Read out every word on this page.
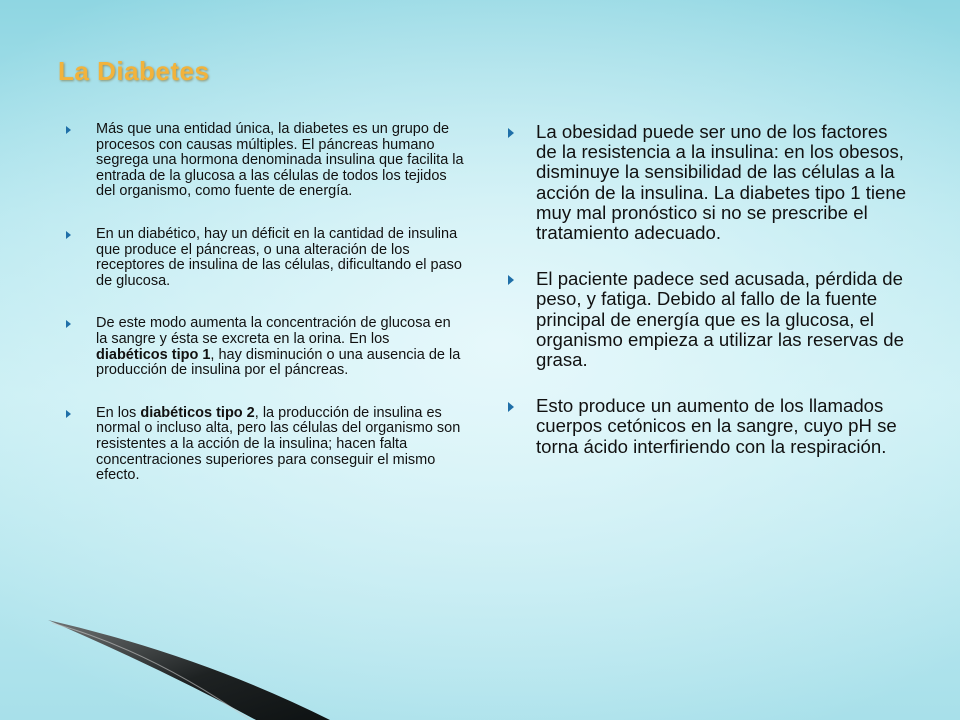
La Diabetes
Más que una entidad única, la diabetes es un grupo de procesos con causas múltiples. El páncreas humano segrega una hormona denominada insulina que facilita la entrada de la glucosa a las células de todos los tejidos del organismo, como fuente de energía.
En un diabético, hay un déficit en la cantidad de insulina que produce el páncreas, o una alteración de los receptores de insulina de las células, dificultando el paso de glucosa.
De este modo aumenta la concentración de glucosa en la sangre y ésta se excreta en la orina. En los diabéticos tipo 1, hay disminución o una ausencia de la producción de insulina por el páncreas.
En los diabéticos tipo 2, la producción de insulina es normal o incluso alta, pero las células del organismo son resistentes a la acción de la insulina; hacen falta concentraciones superiores para conseguir el mismo efecto.
La obesidad puede ser uno de los factores de la resistencia a la insulina: en los obesos, disminuye la sensibilidad de las células a la acción de la insulina. La diabetes tipo 1 tiene muy mal pronóstico si no se prescribe el tratamiento adecuado.
El paciente padece sed acusada, pérdida de peso, y fatiga. Debido al fallo de la fuente principal de energía que es la glucosa, el organismo empieza a utilizar las reservas de grasa.
Esto produce un aumento de los llamados cuerpos cetónicos en la sangre, cuyo pH se torna ácido interfiriendo con la respiración.
